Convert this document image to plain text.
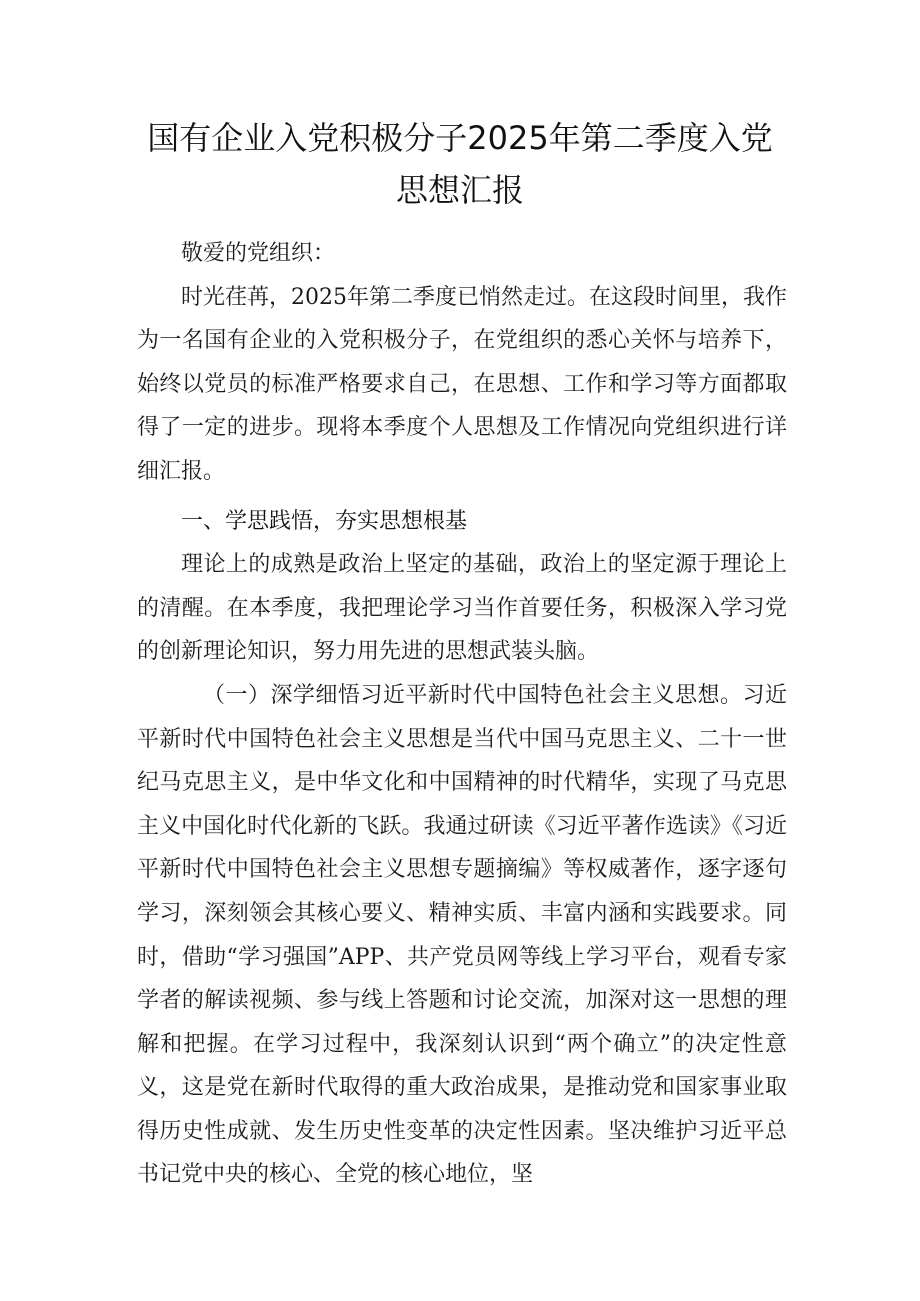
国有企业入党积极分子2025年第二季度入党思想汇报

敬爱的党组织：

时光荏苒，2025年第二季度已悄然走过。在这段时间里，我作为一名国有企业的入党积极分子，在党组织的悉心关怀与培养下，始终以党员的标准严格要求自己，在思想、工作和学习等方面都取得了一定的进步。现将本季度个人思想及工作情况向党组织进行详细汇报。

一、学思践悟，夯实思想根基

理论上的成熟是政治上坚定的基础，政治上的坚定源于理论上的清醒。在本季度，我把理论学习当作首要任务，积极深入学习党的创新理论知识，努力用先进的思想武装头脑。

（一）深学细悟习近平新时代中国特色社会主义思想。习近平新时代中国特色社会主义思想是当代中国马克思主义、二十一世纪马克思主义，是中华文化和中国精神的时代精华，实现了马克思主义中国化时代化新的飞跃。我通过研读《习近平著作选读》《习近平新时代中国特色社会主义思想专题摘编》等权威著作，逐字逐句学习，深刻领会其核心要义、精神实质、丰富内涵和实践要求。同时，借助“学习强国”APP、共产党员网等线上学习平台，观看专家学者的解读视频、参与线上答题和讨论交流，加深对这一思想的理解和把握。在学习过程中，我深刻认识到“两个确立”的决定性意义，这是党在新时代取得的重大政治成果，是推动党和国家事业取得历史性成就、发生历史性变革的决定性因素。坚决维护习近平总书记党中央的核心、全党的核心地位，坚
